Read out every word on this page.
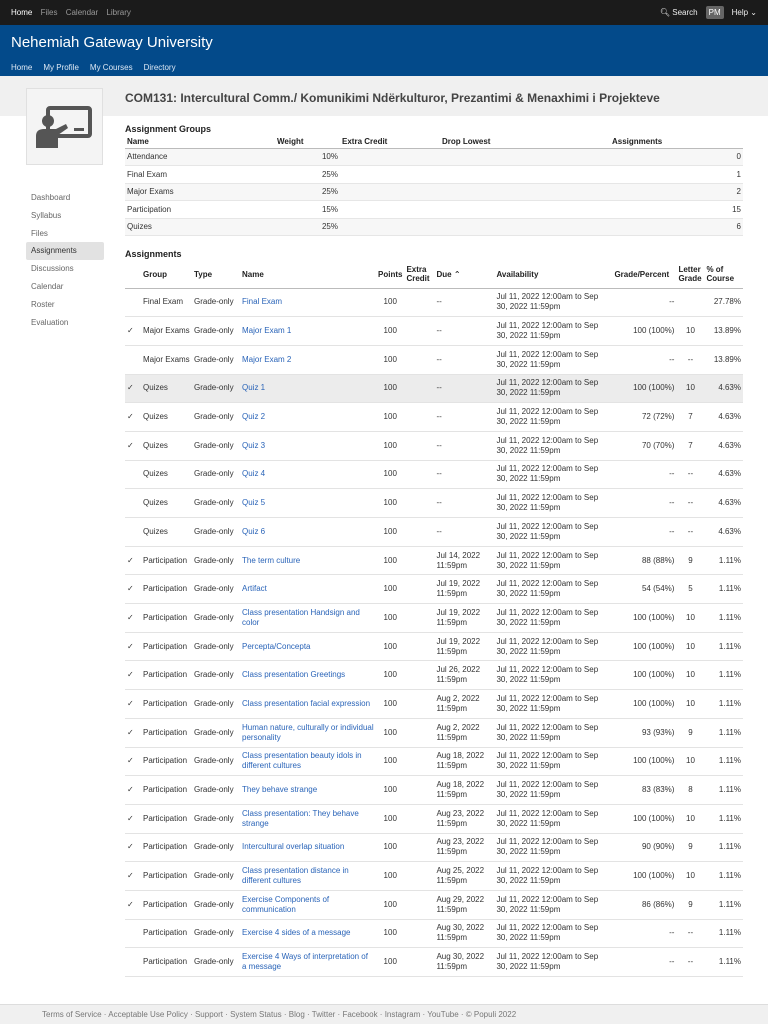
Home Files Calendar Library	🔍︎ Search	PM	Help ⌄
Nehemiah Gateway University
Home My Profile My Courses Directory
COM131: Intercultural Comm./ Komunikimi Ndërkulturor, Prezantimi & Menaxhimi i Projekteve
Dashboard
Syllabus
Files
Assignments
Discussions
Calendar
Roster
Evaluation
Assignment Groups
Name	Weight	Extra Credit	Drop Lowest	Assignments
Attendance	10%			0
Final Exam	25%			1
Major Exams	25%			2
Participation	15%			15
Quizes	25%			6
Assignments
	Group	Type	Name	Points	Extra Credit	Due ⌃	Availability	Grade/Percent	Letter Grade	% of Course
	Final Exam	Grade-only	Final Exam	100		--	Jul 11, 2022 12:00am to Sep 30, 2022 11:59pm	--		27.78%
✓	Major Exams	Grade-only	Major Exam 1	100		--	Jul 11, 2022 12:00am to Sep 30, 2022 11:59pm	100 (100%)	10	13.89%
	Major Exams	Grade-only	Major Exam 2	100		--	Jul 11, 2022 12:00am to Sep 30, 2022 11:59pm	--	--	13.89%
✓	Quizes	Grade-only	Quiz 1	100		--	Jul 11, 2022 12:00am to Sep 30, 2022 11:59pm	100 (100%)	10	4.63%
✓	Quizes	Grade-only	Quiz 2	100		--	Jul 11, 2022 12:00am to Sep 30, 2022 11:59pm	72 (72%)	7	4.63%
✓	Quizes	Grade-only	Quiz 3	100		--	Jul 11, 2022 12:00am to Sep 30, 2022 11:59pm	70 (70%)	7	4.63%
	Quizes	Grade-only	Quiz 4	100		--	Jul 11, 2022 12:00am to Sep 30, 2022 11:59pm	--	--	4.63%
	Quizes	Grade-only	Quiz 5	100		--	Jul 11, 2022 12:00am to Sep 30, 2022 11:59pm	--	--	4.63%
	Quizes	Grade-only	Quiz 6	100		--	Jul 11, 2022 12:00am to Sep 30, 2022 11:59pm	--	--	4.63%
✓	Participation	Grade-only	The term culture	100		Jul 14, 2022 11:59pm	Jul 11, 2022 12:00am to Sep 30, 2022 11:59pm	88 (88%)	9	1.11%
✓	Participation	Grade-only	Artifact	100		Jul 19, 2022 11:59pm	Jul 11, 2022 12:00am to Sep 30, 2022 11:59pm	54 (54%)	5	1.11%
✓	Participation	Grade-only	Class presentation Handsign and color	100		Jul 19, 2022 11:59pm	Jul 11, 2022 12:00am to Sep 30, 2022 11:59pm	100 (100%)	10	1.11%
✓	Participation	Grade-only	Percepta/Concepta	100		Jul 19, 2022 11:59pm	Jul 11, 2022 12:00am to Sep 30, 2022 11:59pm	100 (100%)	10	1.11%
✓	Participation	Grade-only	Class presentation Greetings	100		Jul 26, 2022 11:59pm	Jul 11, 2022 12:00am to Sep 30, 2022 11:59pm	100 (100%)	10	1.11%
✓	Participation	Grade-only	Class presentation facial expression	100		Aug 2, 2022 11:59pm	Jul 11, 2022 12:00am to Sep 30, 2022 11:59pm	100 (100%)	10	1.11%
✓	Participation	Grade-only	Human nature, culturally or individual personality	100		Aug 2, 2022 11:59pm	Jul 11, 2022 12:00am to Sep 30, 2022 11:59pm	93 (93%)	9	1.11%
✓	Participation	Grade-only	Class presentation beauty idols in different cultures	100		Aug 18, 2022 11:59pm	Jul 11, 2022 12:00am to Sep 30, 2022 11:59pm	100 (100%)	10	1.11%
✓	Participation	Grade-only	They behave strange	100		Aug 18, 2022 11:59pm	Jul 11, 2022 12:00am to Sep 30, 2022 11:59pm	83 (83%)	8	1.11%
✓	Participation	Grade-only	Class presentation: They behave strange	100		Aug 23, 2022 11:59pm	Jul 11, 2022 12:00am to Sep 30, 2022 11:59pm	100 (100%)	10	1.11%
✓	Participation	Grade-only	Intercultural overlap situation	100		Aug 23, 2022 11:59pm	Jul 11, 2022 12:00am to Sep 30, 2022 11:59pm	90 (90%)	9	1.11%
✓	Participation	Grade-only	Class presentation distance in different cultures	100		Aug 25, 2022 11:59pm	Jul 11, 2022 12:00am to Sep 30, 2022 11:59pm	100 (100%)	10	1.11%
✓	Participation	Grade-only	Exercise Components of communication	100		Aug 29, 2022 11:59pm	Jul 11, 2022 12:00am to Sep 30, 2022 11:59pm	86 (86%)	9	1.11%
	Participation	Grade-only	Exercise 4 sides of a message	100		Aug 30, 2022 11:59pm	Jul 11, 2022 12:00am to Sep 30, 2022 11:59pm	--	--	1.11%
	Participation	Grade-only	Exercise 4 Ways of interpretation of a message	100		Aug 30, 2022 11:59pm	Jul 11, 2022 12:00am to Sep 30, 2022 11:59pm	--	--	1.11%
Terms of Service · Acceptable Use Policy · Support · System Status · Blog · Twitter · Facebook · Instagram · YouTube · © Populi 2022
